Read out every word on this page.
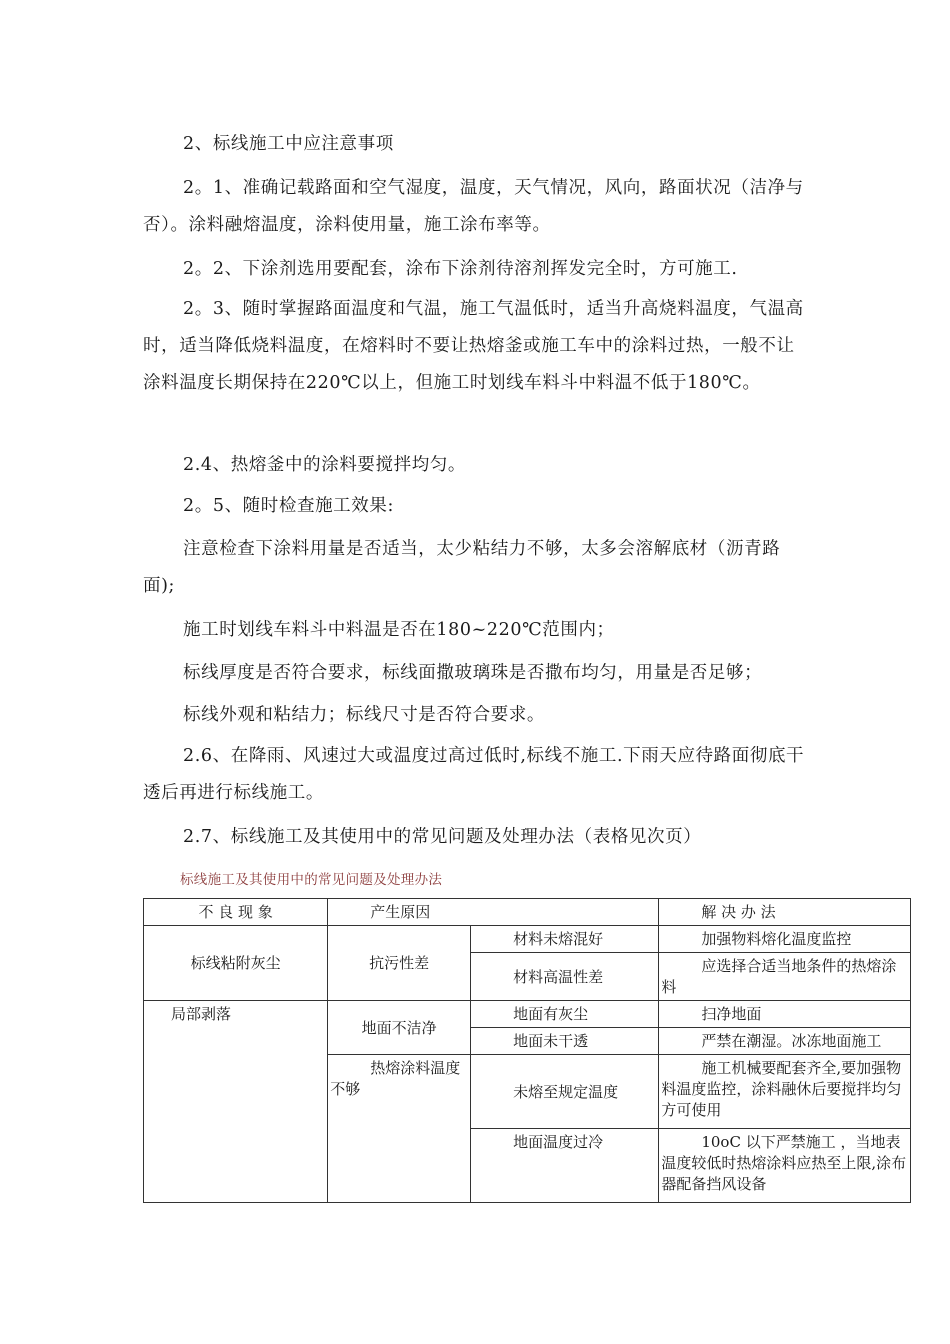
2、标线施工中应注意事项

2。1、准确记载路面和空气湿度，温度，天气情况，风向，路面状况（洁净与否）。涂料融熔温度，涂料使用量，施工涂布率等。

2。2、下涂剂选用要配套，涂布下涂剂待溶剂挥发完全时，方可施工.

2。3、随时掌握路面温度和气温，施工气温低时，适当升高烧料温度，气温高时，适当降低烧料温度，在熔料时不要让热熔釜或施工车中的涂料过热，一般不让涂料温度长期保持在220℃以上，但施工时划线车料斗中料温不低于180℃。

2.4、热熔釜中的涂料要搅拌均匀。

2。5、随时检查施工效果:

注意检查下涂料用量是否适当，太少粘结力不够，太多会溶解底材（沥青路面);

施工时划线车料斗中料温是否在180~220℃范围内；

标线厚度是否符合要求，标线面撒玻璃珠是否撒布均匀，用量是否足够；

标线外观和粘结力；标线尺寸是否符合要求。

2.6、在降雨、风速过大或温度过高过低时,标线不施工.下雨天应待路面彻底干透后再进行标线施工。

2.7、标线施工及其使用中的常见问题及处理办法（表格见次页）

标线施工及其使用中的常见问题及处理办法
不 良 现 象	产生原因		解 决 办 法
标线粘附灰尘	抗污性差	材料未熔混好	加强物料熔化温度监控
		材料高温性差	应选择合适当地条件的热熔涂料
局部剥落	地面不洁净	地面有灰尘	扫净地面
		地面未干透	严禁在潮湿。冰冻地面施工
	热熔涂料温度不够	未熔至规定温度	施工机械要配套齐全,要加强物料温度监控，涂料融休后要搅拌均匀方可使用
		地面温度过冷	10oC 以下严禁施工 ，当地表温度较低时热熔涂料应热至上限,涂布器配备挡风设备
